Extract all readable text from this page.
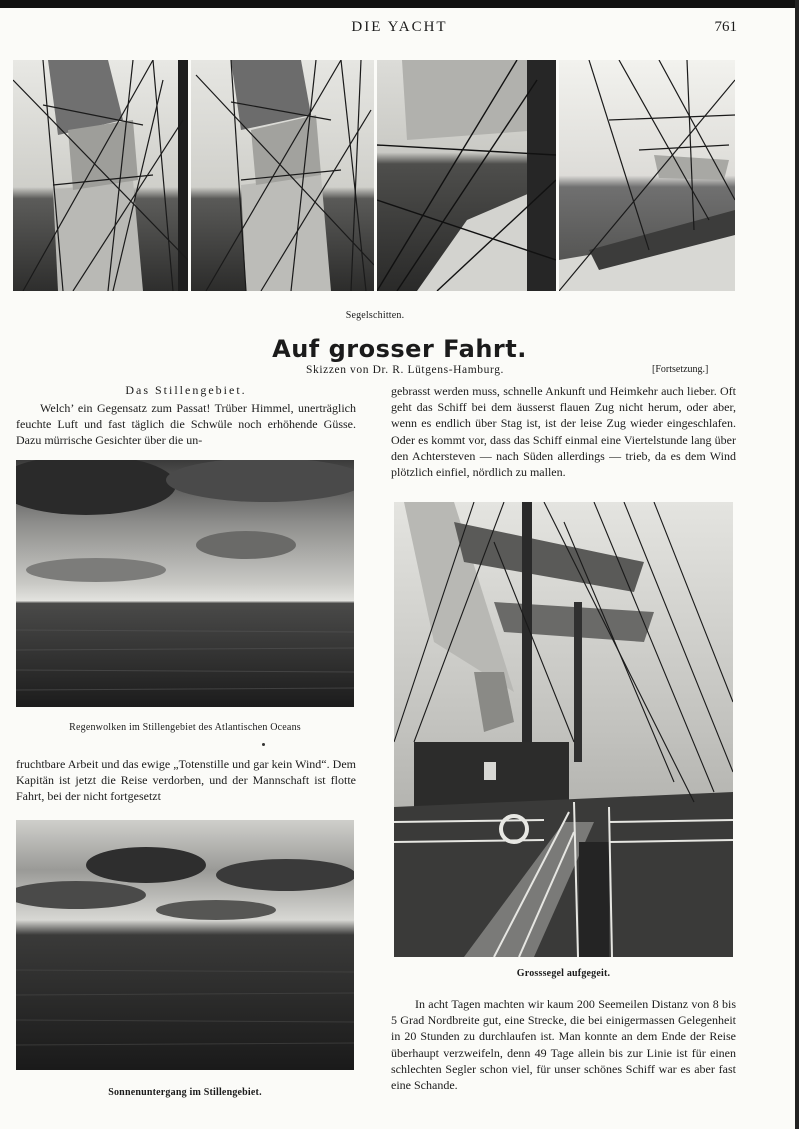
DIE YACHT	761
Segelschitten.
Auf grosser Fahrt.
Skizzen von Dr. R. Lütgens-Hamburg.	[Fortsetzung.]
Das Stillengebiet.

Welch’ ein Gegensatz zum Passat! Trüber Himmel, unerträglich feuchte Luft und fast täglich die Schwüle noch erhöhende Güsse. Dazu mürrische Gesichter über die un-

Regenwolken im Stillengebiet des Atlantischen Oceans

fruchtbare Arbeit und das ewige „Totenstille und gar kein Wind“. Dem Kapitän ist jetzt die Reise verdorben, und der Mannschaft ist flotte Fahrt, bei der nicht fortgesetzt

Sonnenuntergang im Stillengebiet.

gebrasst werden muss, schnelle Ankunft und Heimkehr auch lieber. Oft geht das Schiff bei dem äusserst flauen Zug nicht herum, oder aber, wenn es endlich über Stag ist, ist der leise Zug wieder eingeschlafen. Oder es kommt vor, dass das Schiff einmal eine Viertelstunde lang über den Achtersteven — nach Süden allerdings — trieb, da es dem Wind plötzlich einfiel, nördlich zu mallen.

Grosssegel aufgegeit.

In acht Tagen machten wir kaum 200 Seemeilen Distanz von 8 bis 5 Grad Nordbreite gut, eine Strecke, die bei einigermassen Gelegenheit in 20 Stunden zu durchlaufen ist. Man konnte an dem Ende der Reise überhaupt verzweifeln, denn 49 Tage allein bis zur Linie ist für einen schlechten Segler schon viel, für unser schönes Schiff war es aber fast eine Schande.
